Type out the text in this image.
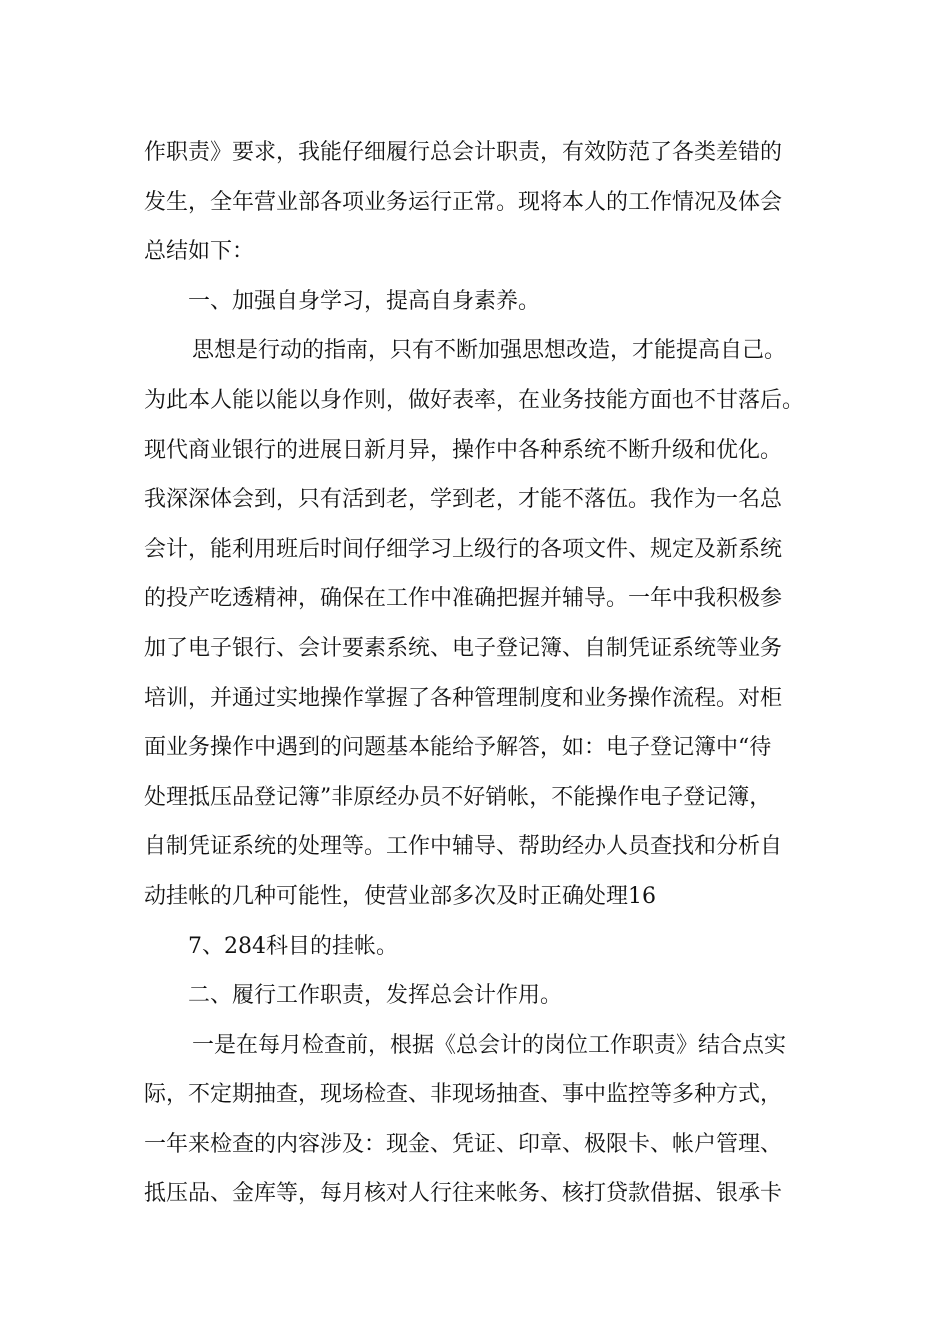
作职责》要求，我能仔细履行总会计职责，有效防范了各类差错的
发生，全年营业部各项业务运行正常。现将本人的工作情况及体会
总结如下：
一、加强自身学习，提高自身素养。
思想是行动的指南，只有不断加强思想改造，才能提高自己。
为此本人能以能以身作则，做好表率，在业务技能方面也不甘落后。
现代商业银行的进展日新月异，操作中各种系统不断升级和优化。
我深深体会到，只有活到老，学到老，才能不落伍。我作为一名总
会计，能利用班后时间仔细学习上级行的各项文件、规定及新系统
的投产吃透精神，确保在工作中准确把握并辅导。一年中我积极参
加了电子银行、会计要素系统、电子登记簿、自制凭证系统等业务
培训，并通过实地操作掌握了各种管理制度和业务操作流程。对柜
面业务操作中遇到的问题基本能给予解答，如：电子登记簿中“待
处理抵压品登记簿”非原经办员不好销帐，不能操作电子登记簿，
自制凭证系统的处理等。工作中辅导、帮助经办人员查找和分析自
动挂帐的几种可能性，使营业部多次及时正确处理16
7、284科目的挂帐。
二、履行工作职责，发挥总会计作用。
一是在每月检查前，根据《总会计的岗位工作职责》结合点实
际，不定期抽查，现场检查、非现场抽查、事中监控等多种方式，
一年来检查的内容涉及：现金、凭证、印章、极限卡、帐户管理、
抵压品、金库等，每月核对人行往来帐务、核打贷款借据、银承卡
